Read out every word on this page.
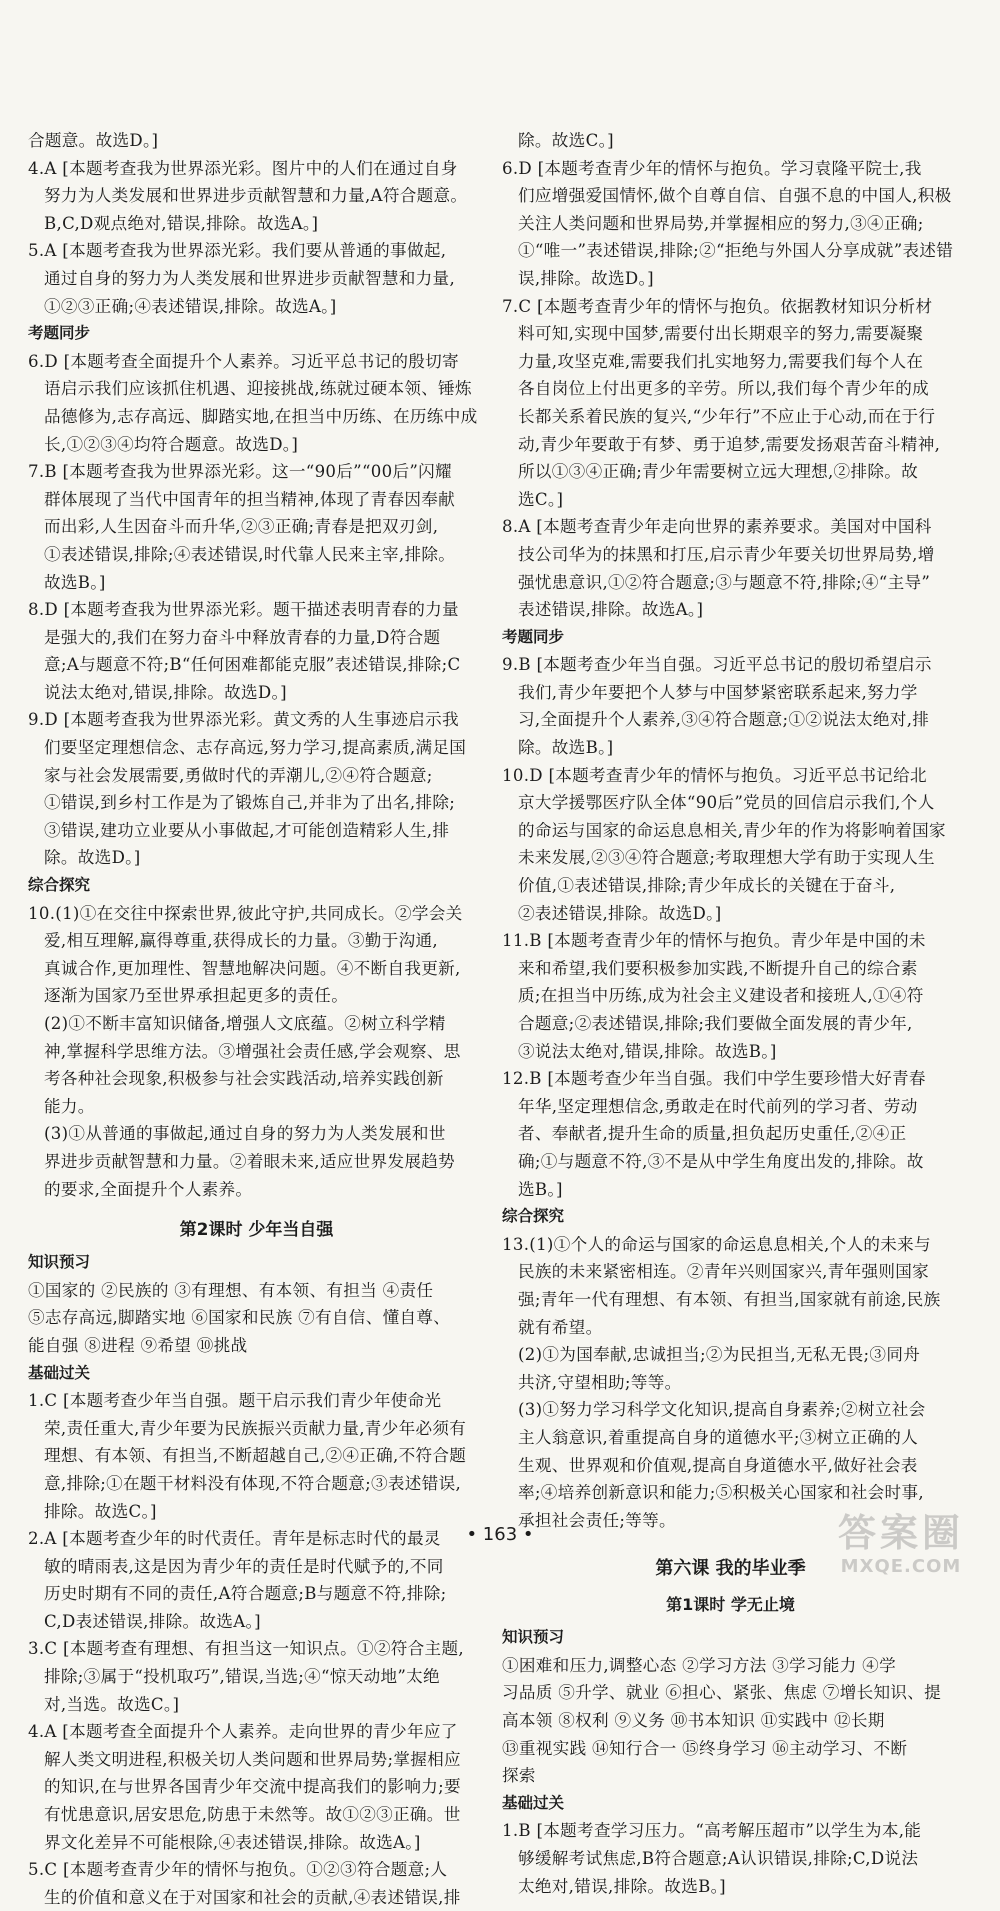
合题意。故选D。]
4.A [本题考查我为世界添光彩。图片中的人们在通过自身
努力为人类发展和世界进步贡献智慧和力量,A符合题意。
B,C,D观点绝对,错误,排除。故选A。]
5.A [本题考查我为世界添光彩。我们要从普通的事做起,
通过自身的努力为人类发展和世界进步贡献智慧和力量,
①②③正确;④表述错误,排除。故选A。]
考题同步
6.D [本题考查全面提升个人素养。习近平总书记的殷切寄
语启示我们应该抓住机遇、迎接挑战,练就过硬本领、锤炼
品德修为,志存高远、脚踏实地,在担当中历练、在历练中成
长,①②③④均符合题意。故选D。]
7.B [本题考查我为世界添光彩。这一“90后”“00后”闪耀
群体展现了当代中国青年的担当精神,体现了青春因奉献
而出彩,人生因奋斗而升华,②③正确;青春是把双刃剑,
①表述错误,排除;④表述错误,时代靠人民来主宰,排除。
故选B。]
8.D [本题考查我为世界添光彩。题干描述表明青春的力量
是强大的,我们在努力奋斗中释放青春的力量,D符合题
意;A与题意不符;B“任何困难都能克服”表述错误,排除;C
说法太绝对,错误,排除。故选D。]
9.D [本题考查我为世界添光彩。黄文秀的人生事迹启示我
们要坚定理想信念、志存高远,努力学习,提高素质,满足国
家与社会发展需要,勇做时代的弄潮儿,②④符合题意;
①错误,到乡村工作是为了锻炼自己,并非为了出名,排除;
③错误,建功立业要从小事做起,才可能创造精彩人生,排
除。故选D。]
综合探究
10.(1)①在交往中探索世界,彼此守护,共同成长。②学会关
爱,相互理解,赢得尊重,获得成长的力量。③勤于沟通,
真诚合作,更加理性、智慧地解决问题。④不断自我更新,
逐渐为国家乃至世界承担起更多的责任。
(2)①不断丰富知识储备,增强人文底蕴。②树立科学精
神,掌握科学思维方法。③增强社会责任感,学会观察、思
考各种社会现象,积极参与社会实践活动,培养实践创新
能力。
(3)①从普通的事做起,通过自身的努力为人类发展和世
界进步贡献智慧和力量。②着眼未来,适应世界发展趋势
的要求,全面提升个人素养。
第2课时 少年当自强
知识预习
①国家的 ②民族的 ③有理想、有本领、有担当 ④责任
⑤志存高远,脚踏实地 ⑥国家和民族 ⑦有自信、懂自尊、
能自强 ⑧进程 ⑨希望 ⑩挑战
基础过关
1.C [本题考查少年当自强。题干启示我们青少年使命光
荣,责任重大,青少年要为民族振兴贡献力量,青少年必须有
理想、有本领、有担当,不断超越自己,②④正确,不符合题
意,排除;①在题干材料没有体现,不符合题意;③表述错误,
排除。故选C。]
2.A [本题考查少年的时代责任。青年是标志时代的最灵
敏的晴雨表,这是因为青少年的责任是时代赋予的,不同
历史时期有不同的责任,A符合题意;B与题意不符,排除;
C,D表述错误,排除。故选A。]
3.C [本题考查有理想、有担当这一知识点。①②符合主题,
排除;③属于“投机取巧”,错误,当选;④“惊天动地”太绝
对,当选。故选C。]
4.A [本题考查全面提升个人素养。走向世界的青少年应了
解人类文明进程,积极关切人类问题和世界局势;掌握相应
的知识,在与世界各国青少年交流中提高我们的影响力;要
有忧患意识,居安思危,防患于未然等。故①②③正确。世
界文化差异不可能根除,④表述错误,排除。故选A。]
5.C [本题考查青少年的情怀与抱负。①②③符合题意;人
生的价值和意义在于对国家和社会的贡献,④表述错误,排
除。故选C。]
6.D [本题考查青少年的情怀与抱负。学习袁隆平院士,我
们应增强爱国情怀,做个自尊自信、自强不息的中国人,积极
关注人类问题和世界局势,并掌握相应的努力,③④正确;
①“唯一”表述错误,排除;②“拒绝与外国人分享成就”表述错
误,排除。故选D。]
7.C [本题考查青少年的情怀与抱负。依据教材知识分析材
料可知,实现中国梦,需要付出长期艰辛的努力,需要凝聚
力量,攻坚克难,需要我们扎实地努力,需要我们每个人在
各自岗位上付出更多的辛劳。所以,我们每个青少年的成
长都关系着民族的复兴,“少年行”不应止于心动,而在于行
动,青少年要敢于有梦、勇于追梦,需要发扬艰苦奋斗精神,
所以①③④正确;青少年需要树立远大理想,②排除。故
选C。]
8.A [本题考查青少年走向世界的素养要求。美国对中国科
技公司华为的抹黑和打压,启示青少年要关切世界局势,增
强忧患意识,①②符合题意;③与题意不符,排除;④“主导”
表述错误,排除。故选A。]
考题同步
9.B [本题考查少年当自强。习近平总书记的殷切希望启示
我们,青少年要把个人梦与中国梦紧密联系起来,努力学
习,全面提升个人素养,③④符合题意;①②说法太绝对,排
除。故选B。]
10.D [本题考查青少年的情怀与抱负。习近平总书记给北
京大学援鄂医疗队全体“90后”党员的回信启示我们,个人
的命运与国家的命运息息相关,青少年的作为将影响着国家
未来发展,②③④符合题意;考取理想大学有助于实现人生
价值,①表述错误,排除;青少年成长的关键在于奋斗,
②表述错误,排除。故选D。]
11.B [本题考查青少年的情怀与抱负。青少年是中国的未
来和希望,我们要积极参加实践,不断提升自己的综合素
质;在担当中历练,成为社会主义建设者和接班人,①④符
合题意;②表述错误,排除;我们要做全面发展的青少年,
③说法太绝对,错误,排除。故选B。]
12.B [本题考查少年当自强。我们中学生要珍惜大好青春
年华,坚定理想信念,勇敢走在时代前列的学习者、劳动
者、奉献者,提升生命的质量,担负起历史重任,②④正
确;①与题意不符,③不是从中学生角度出发的,排除。故
选B。]
综合探究
13.(1)①个人的命运与国家的命运息息相关,个人的未来与
民族的未来紧密相连。②青年兴则国家兴,青年强则国家
强;青年一代有理想、有本领、有担当,国家就有前途,民族
就有希望。
(2)①为国奉献,忠诚担当;②为民担当,无私无畏;③同舟
共济,守望相助;等等。
(3)①努力学习科学文化知识,提高自身素养;②树立社会
主人翁意识,着重提高自身的道德水平;③树立正确的人
生观、世界观和价值观,提高自身道德水平,做好社会表
率;④培养创新意识和能力;⑤积极关心国家和社会时事,
承担社会责任;等等。
第六课 我的毕业季
第1课时 学无止境
知识预习
①困难和压力,调整心态 ②学习方法 ③学习能力 ④学
习品质 ⑤升学、就业 ⑥担心、紧张、焦虑 ⑦增长知识、提
高本领 ⑧权利 ⑨义务 ⑩书本知识 ⑪实践中 ⑫长期
⑬重视实践 ⑭知行合一 ⑮终身学习 ⑯主动学习、不断
探索
基础过关
1.B [本题考查学习压力。“高考解压超市”以学生为本,能
够缓解考试焦虑,B符合题意;A认识错误,排除;C,D说法
太绝对,错误,排除。故选B。]
• 163 •	答案圈
MXQE.COM
